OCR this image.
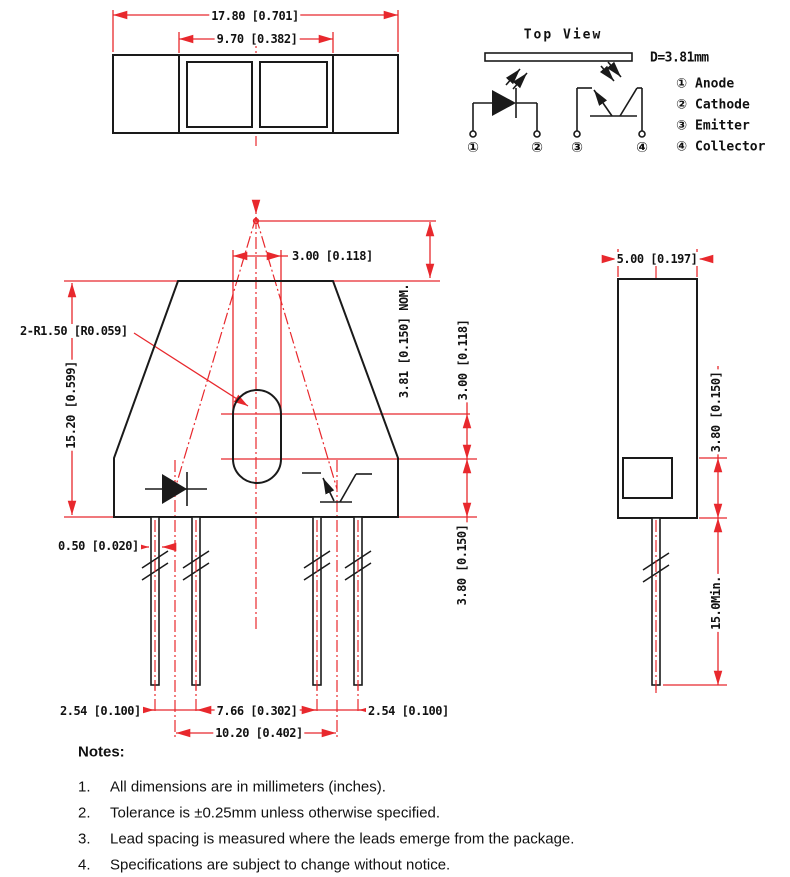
17.80 [0.701]
9.70 [0.382]	Top View
D=3.81mm
① Anode
② Cathode
③ Emitter
④ Collector
①	② ③	④
3.00 [0.118]
3.81 [0.150] NOM.	3.00 [0.118]
2-R1.50 [R0.059]
15.20 [0.599]
0.50 [0.020]	3.80 [0.150]
2.54 [0.100]	7.66 [0.302]	2.54 [0.100]
10.20 [0.402]
5.00 [0.197]
3.80 [0.150]
15.0Min.
Notes:
1. All dimensions are in millimeters (inches).
2. Tolerance is ±0.25mm unless otherwise specified.
3. Lead spacing is measured where the leads emerge from the package.
4. Specifications are subject to change without notice.
